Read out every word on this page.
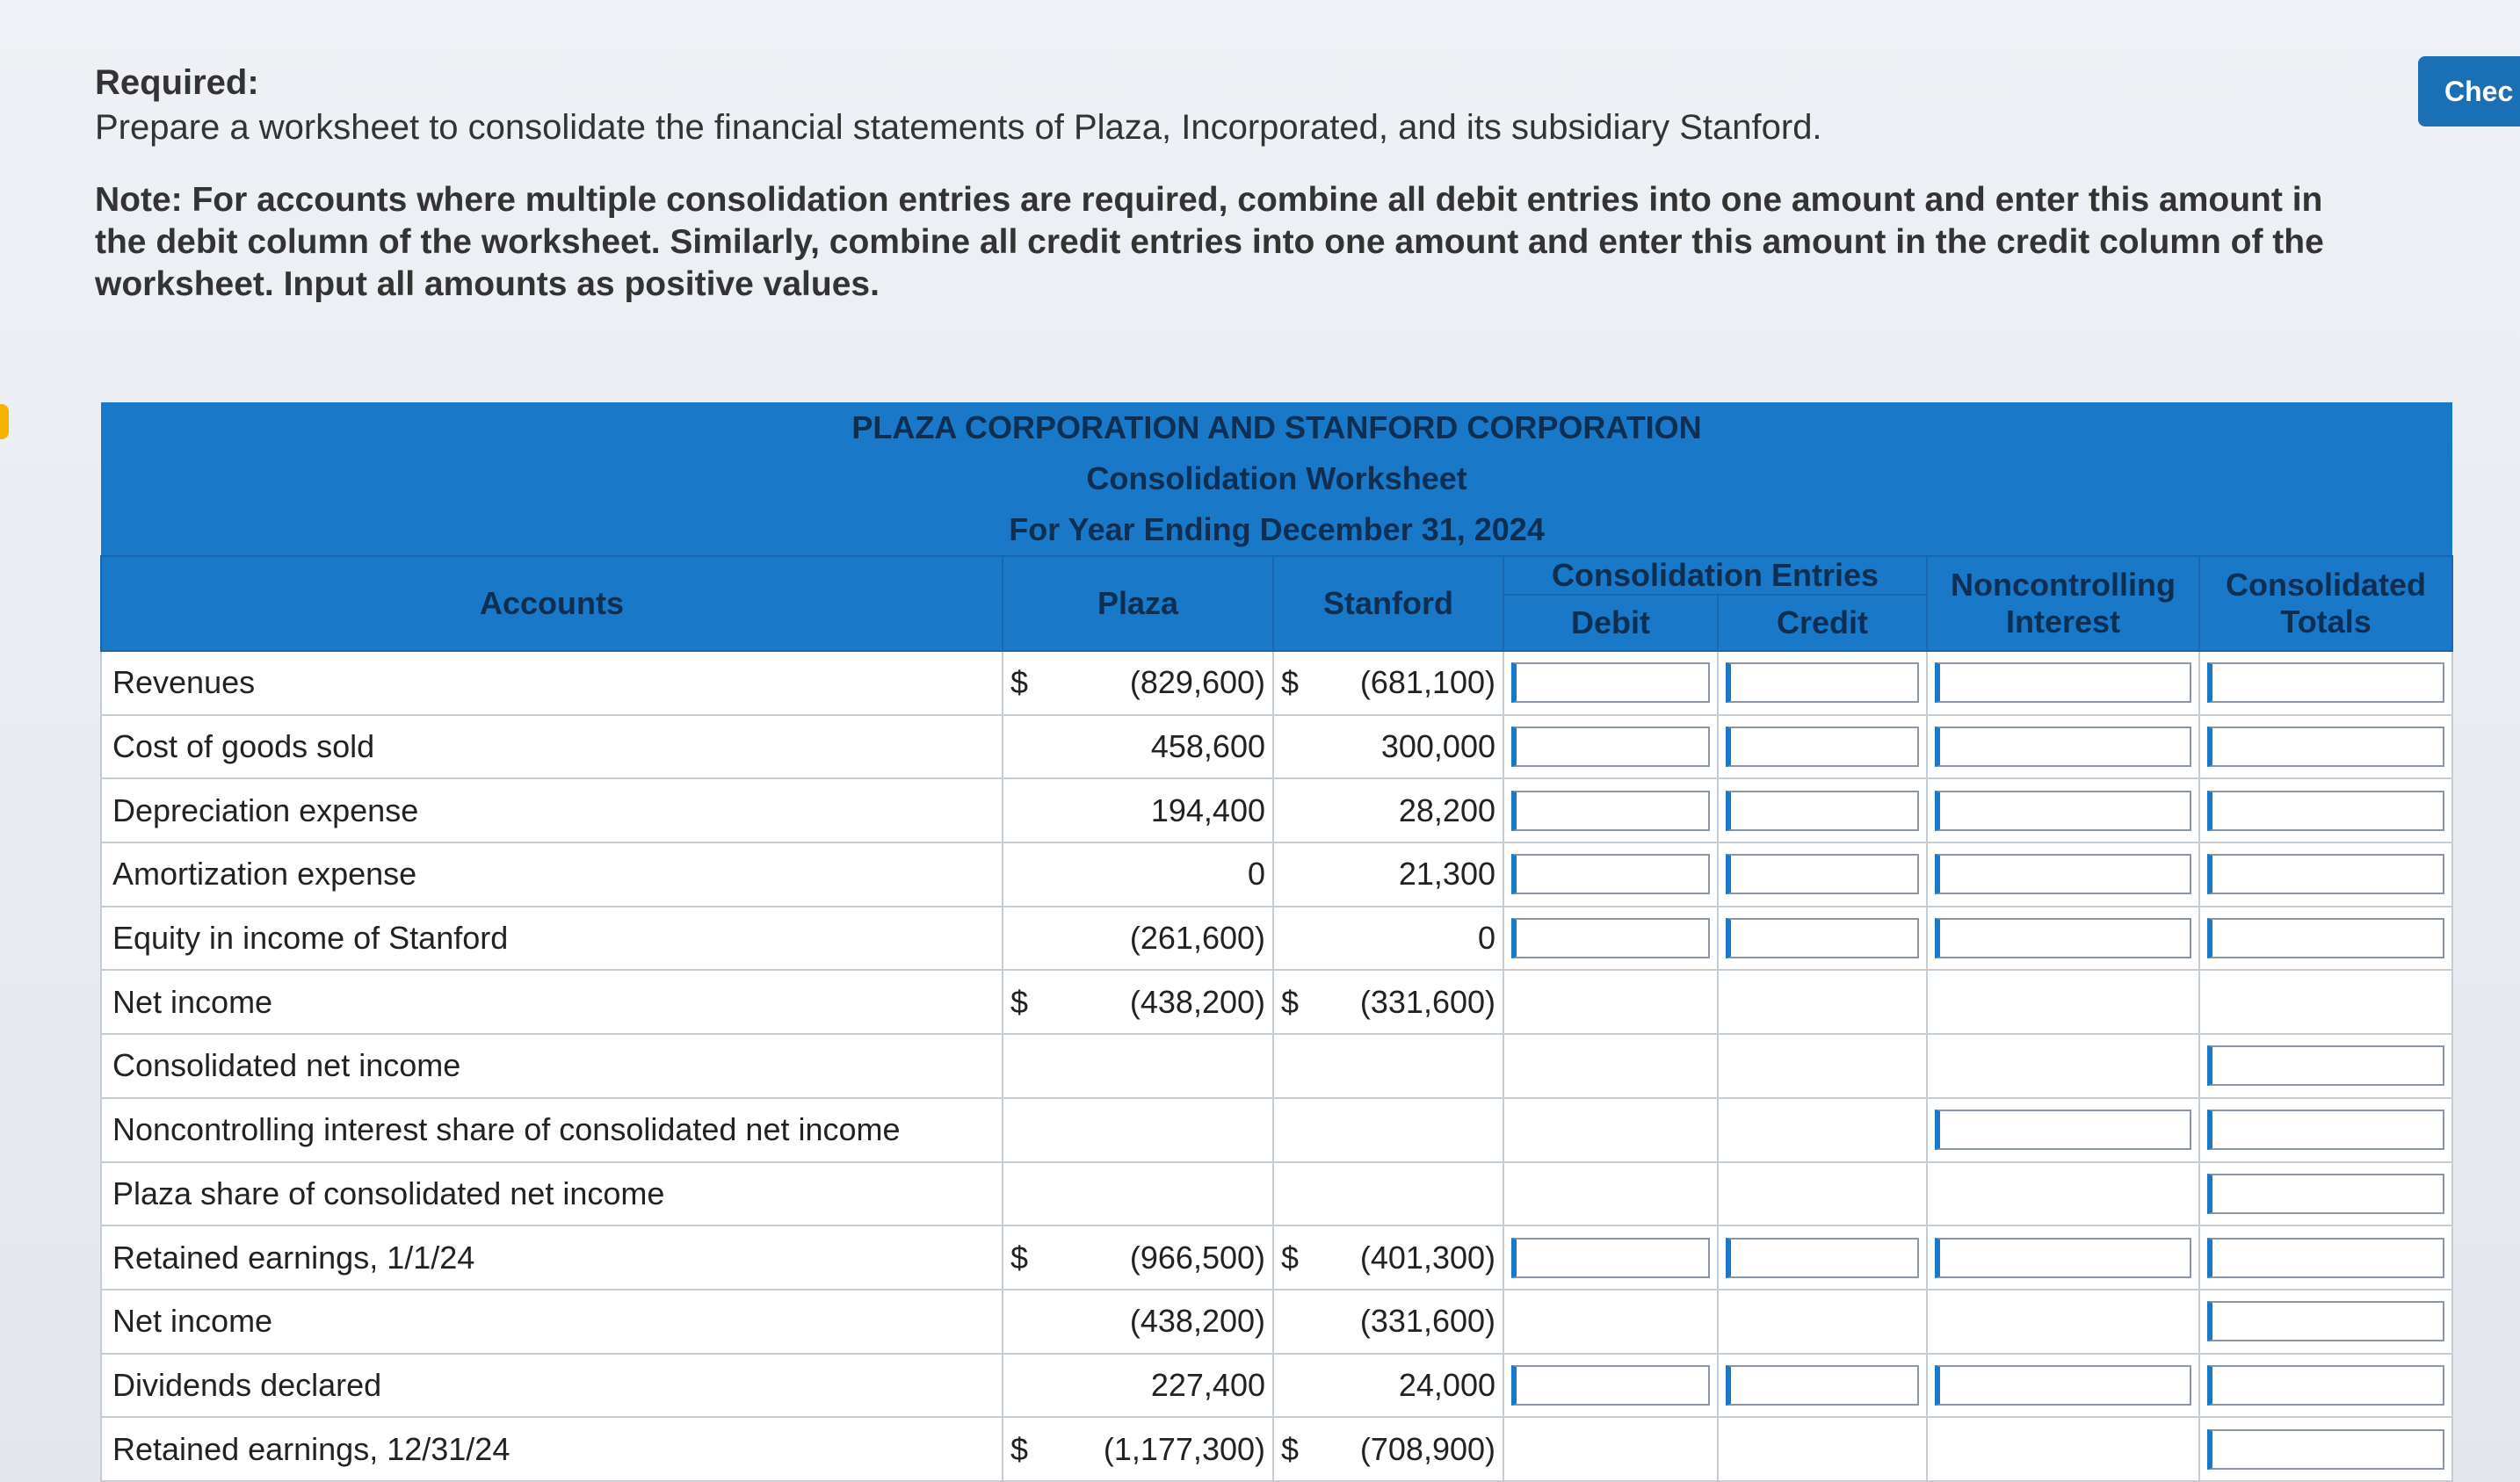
Required:

Prepare a worksheet to consolidate the financial statements of Plaza, Incorporated, and its subsidiary Stanford.

Note: For accounts where multiple consolidation entries are required, combine all debit entries into one amount and enter this amount in the debit column of the worksheet. Similarly, combine all credit entries into one amount and enter this amount in the credit column of the worksheet. Input all amounts as positive values.

Chec
PLAZA CORPORATION AND STANFORD CORPORATION						
Consolidation Worksheet						
For Year Ending December 31, 2024						
Accounts	Plaza	Stanford	Consolidation Entries		Noncontrolling Interest	Consolidated Totals
			Debit	Credit		
Revenues	$ (829,600)	$ (681,100)

Cost of goods sold	458,600	300,000

Depreciation expense	194,400	28,200

Amortization expense	0	21,300

Equity in income of Stanford	(261,600)	0

Net income	$ (438,200)	$ (331,600)				

Consolidated net income	

Noncontrolling interest share of consolidated net income	

Plaza share of consolidated net income	

Retained earnings, 1/1/24	$ (966,500)	$ (401,300)

Net income	(438,200)	(331,600)

Dividends declared	227,400	24,000

Retained earnings, 12/31/24	$ (1,177,300)	$ (708,900)
